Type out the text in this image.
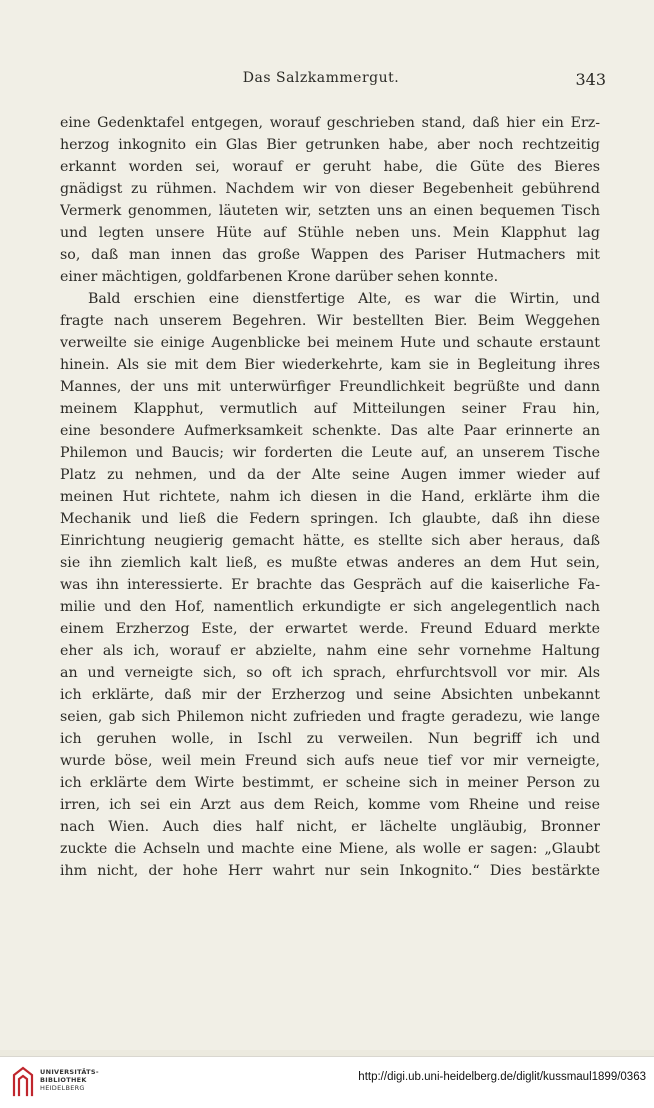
Das Salzkammergut.	343
eine Gedenktafel entgegen, worauf geschrieben stand, daß hier ein Erz-
herzog inkognito ein Glas Bier getrunken habe, aber noch rechtzeitig
erkannt worden sei, worauf er geruht habe, die Güte des Bieres
gnädigst zu rühmen. Nachdem wir von dieser Begebenheit gebührend
Vermerk genommen, läuteten wir, setzten uns an einen bequemen Tisch
und legten unsere Hüte auf Stühle neben uns. Mein Klapphut lag
so, daß man innen das große Wappen des Pariser Hutmachers mit
einer mächtigen, goldfarbenen Krone darüber sehen konnte.
Bald erschien eine dienstfertige Alte, es war die Wirtin, und
fragte nach unserem Begehren. Wir bestellten Bier. Beim Weggehen
verweilte sie einige Augenblicke bei meinem Hute und schaute erstaunt
hinein. Als sie mit dem Bier wiederkehrte, kam sie in Begleitung ihres
Mannes, der uns mit unterwürfiger Freundlichkeit begrüßte und dann
meinem Klapphut, vermutlich auf Mitteilungen seiner Frau hin,
eine besondere Aufmerksamkeit schenkte. Das alte Paar erinnerte an
Philemon und Baucis; wir forderten die Leute auf, an unserem Tische
Platz zu nehmen, und da der Alte seine Augen immer wieder auf
meinen Hut richtete, nahm ich diesen in die Hand, erklärte ihm die
Mechanik und ließ die Federn springen. Ich glaubte, daß ihn diese
Einrichtung neugierig gemacht hätte, es stellte sich aber heraus, daß
sie ihn ziemlich kalt ließ, es mußte etwas anderes an dem Hut sein,
was ihn interessierte. Er brachte das Gespräch auf die kaiserliche Fa-
milie und den Hof, namentlich erkundigte er sich angelegentlich nach
einem Erzherzog Este, der erwartet werde. Freund Eduard merkte
eher als ich, worauf er abzielte, nahm eine sehr vornehme Haltung
an und verneigte sich, so oft ich sprach, ehrfurchtsvoll vor mir. Als
ich erklärte, daß mir der Erzherzog und seine Absichten unbekannt
seien, gab sich Philemon nicht zufrieden und fragte geradezu, wie lange
ich geruhen wolle, in Ischl zu verweilen. Nun begriff ich und
wurde böse, weil mein Freund sich aufs neue tief vor mir verneigte,
ich erklärte dem Wirte bestimmt, er scheine sich in meiner Person zu
irren, ich sei ein Arzt aus dem Reich, komme vom Rheine und reise
nach Wien. Auch dies half nicht, er lächelte ungläubig, Bronner
zuckte die Achseln und machte eine Miene, als wolle er sagen: „Glaubt
ihm nicht, der hohe Herr wahrt nur sein Inkognito.“ Dies bestärkte
UNIVERSITÄTS-
BIBLIOTHEK
HEIDELBERG
http://digi.ub.uni-heidelberg.de/diglit/kussmaul1899/0363
